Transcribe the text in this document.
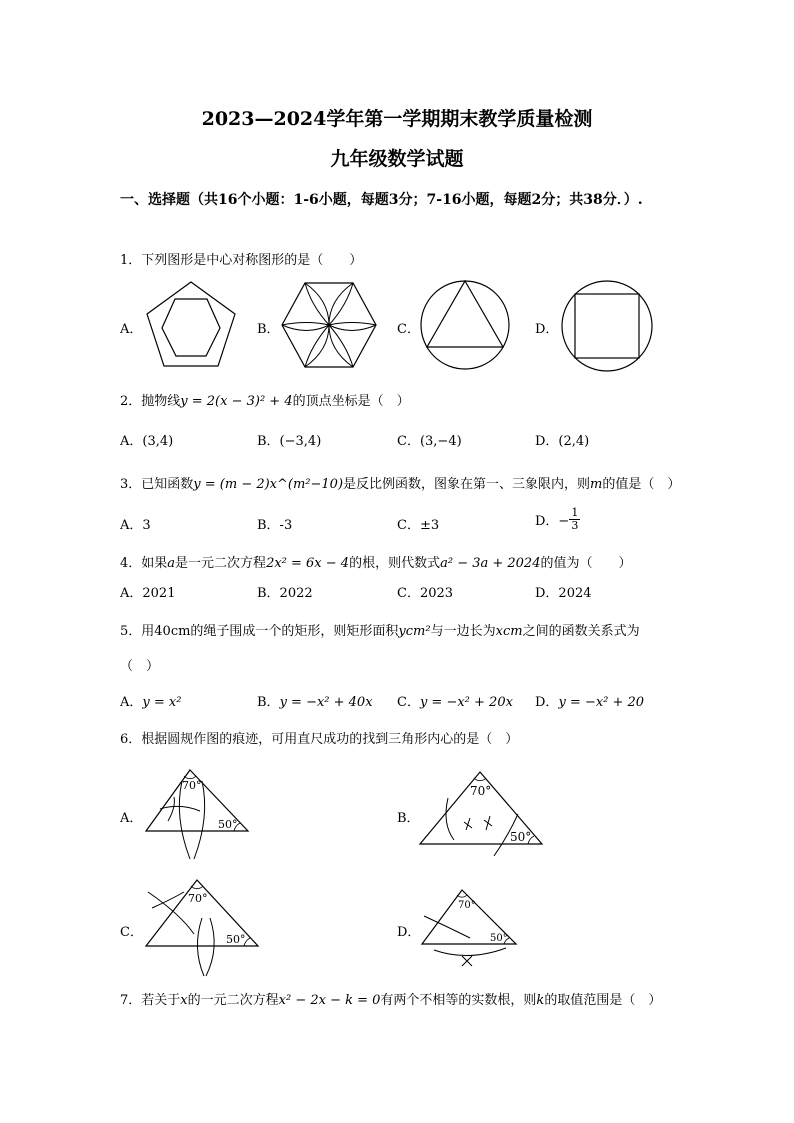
2023—2024学年第一学期期末教学质量检测
九年级数学试题
一、选择题（共16个小题：1-6小题，每题3分；7-16小题，每题2分；共38分．）.
1．下列图形是中心对称图形的是（　　）
A．	B．	C．	D．
2．抛物线y = 2(x − 3)² + 4的顶点坐标是（　）
A．(3,4)	B．(−3,4)	C．(3,−4)	D．(2,4)
3．已知函数y = (m − 2)x^(m²−10)是反比例函数，图象在第一、三象限内，则m的值是（　）
A．3	B．-3	C．±3	D．− $\frac{1}{3}$
4．如果a是一元二次方程2x² = 6x − 4的根，则代数式a² − 3a + 2024的值为（　　）
A．2021	B．2022	C．2023	D．2024
5．用40cm的绳子围成一个的矩形，则矩形面积ycm²与一边长为xcm之间的函数关系式为
（　）
A．y = x²	B．y = −x² + 40x C．y = −x² + 20x D．y = −x² + 20
6．根据圆规作图的痕迹，可用直尺成功的找到三角形内心的是（　）
A．	B．
C．	D．
70°
50°
70°
50°
70°
50°
70°
50°
7．若关于x的一元二次方程x² − 2x − k = 0有两个不相等的实数根，则k的取值范围是（　）
